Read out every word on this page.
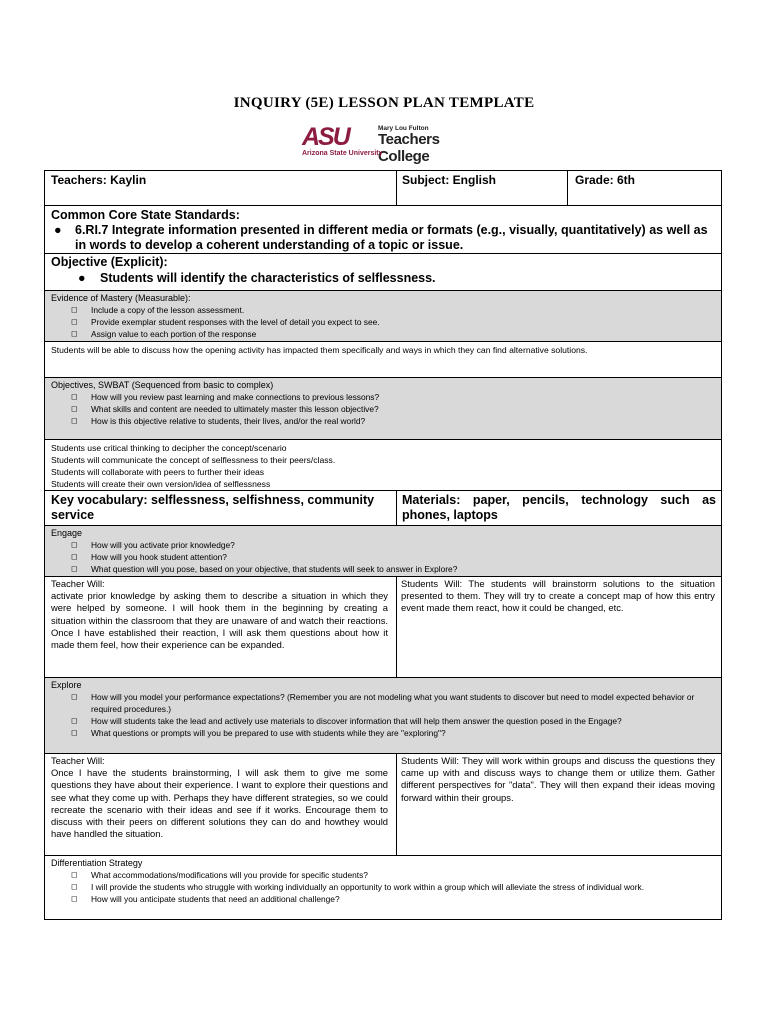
INQUIRY (5E) LESSON PLAN TEMPLATE
ASU	Mary Lou Fulton
Teachers College
Arizona State University
Teachers: Kaylin	Subject: English	Grade: 6th
Common Core State Standards:
● 6.RI.7 Integrate information presented in different media or formats (e.g., visually, quantitatively) as well as in words to develop a coherent understanding of a topic or issue.
Objective (Explicit):
● Students will identify the characteristics of selflessness.
Evidence of Mastery (Measurable):
◻ Include a copy of the lesson assessment.
◻ Provide exemplar student responses with the level of detail you expect to see.
◻ Assign value to each portion of the response
Students will be able to discuss how the opening activity has impacted them specifically and ways in which they can find alternative solutions.
Objectives, SWBAT (Sequenced from basic to complex)
◻ How will you review past learning and make connections to previous lessons?
◻ What skills and content are needed to ultimately master this lesson objective?
◻ How is this objective relative to students, their lives, and/or the real world?
Students use critical thinking to decipher the concept/scenario
Students will communicate the concept of selflessness to their peers/class.
Students will collaborate with peers to further their ideas
Students will create their own version/idea of selflessness
Key vocabulary: selflessness, selfishness, community service
Materials: paper, pencils, technology such as phones, laptops
Engage
◻ How will you activate prior knowledge?
◻ How will you hook student attention?
◻ What question will you pose, based on your objective, that students will seek to answer in Explore?
Teacher Will:
activate prior knowledge by asking them to describe a situation in which they were helped by someone. I will hook them in the beginning by creating a situation within the classroom that they are unaware of and watch their reactions. Once I have established their reaction, I will ask them questions about how it made them feel, how their experience can be expanded.
Students Will: The students will brainstorm solutions to the situation presented to them. They will try to create a concept map of how this entry event made them react, how it could be changed, etc.
Explore
◻ How will you model your performance expectations? (Remember you are not modeling what you want students to discover but need to model expected behavior or required procedures.)
◻ How will students take the lead and actively use materials to discover information that will help them answer the question posed in the Engage?
◻ What questions or prompts will you be prepared to use with students while they are "exploring"?
Teacher Will:
Once I have the students brainstorming, I will ask them to give me some questions they have about their experience. I want to explore their questions and see what they come up with. Perhaps they have different strategies, so we could recreate the scenario with their ideas and see if it works. Encourage them to discuss with their peers on different solutions they can do and howthey would have handled the situation.
Students Will: They will work within groups and discuss the questions they came up with and discuss ways to change them or utilize them. Gather different perspectives for "data". They will then expand their ideas moving forward within their groups.
Differentiation Strategy
◻ What accommodations/modifications will you provide for specific students?
◻ I will provide the students who struggle with working individually an opportunity to work within a group which will alleviate the stress of individual work.
◻ How will you anticipate students that need an additional challenge?
